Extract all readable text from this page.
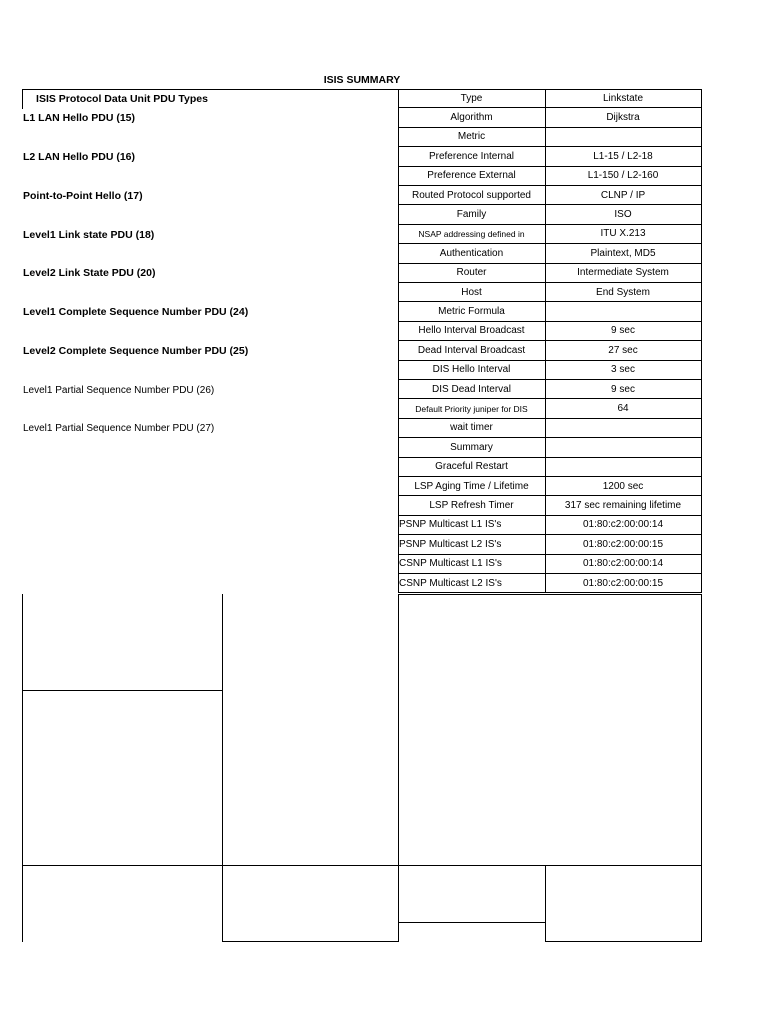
ISIS SUMMARY
ISIS Protocol Data Unit PDU Types
L1 LAN Hello PDU (15)
L2 LAN Hello PDU (16)
Point-to-Point Hello (17)
Level1 Link state PDU (18)
Level2 Link State PDU (20)
Level1 Complete Sequence Number PDU (24)
Level2 Complete Sequence Number PDU (25)
Level1 Partial Sequence Number PDU (26)
Level1 Partial Sequence Number PDU (27)
Type	Linkstate
Algorithm	Dijkstra
Metric
Preference Internal	L1-15 / L2-18
Preference External	L1-150 / L2-160
Routed Protocol supported	CLNP / IP
Family	ISO
NSAP addressing defined in	ITU X.213
Authentication	Plaintext, MD5
Router	Intermediate System
Host	End System
Metric Formula
Hello Interval Broadcast	9 sec
Dead Interval Broadcast	27 sec
DIS Hello Interval	3 sec
DIS Dead Interval	9 sec
Default Priority juniper for DIS	64
wait timer
Summary
Graceful Restart
LSP Aging Time / Lifetime	1200 sec
LSP Refresh Timer	317 sec remaining lifetime
PSNP Multicast L1 IS's	01:80:c2:00:00:14
PSNP Multicast L2 IS's	01:80:c2:00:00:15
CSNP Multicast L1 IS's	01:80:c2:00:00:14
CSNP Multicast L2 IS's	01:80:c2:00:00:15
